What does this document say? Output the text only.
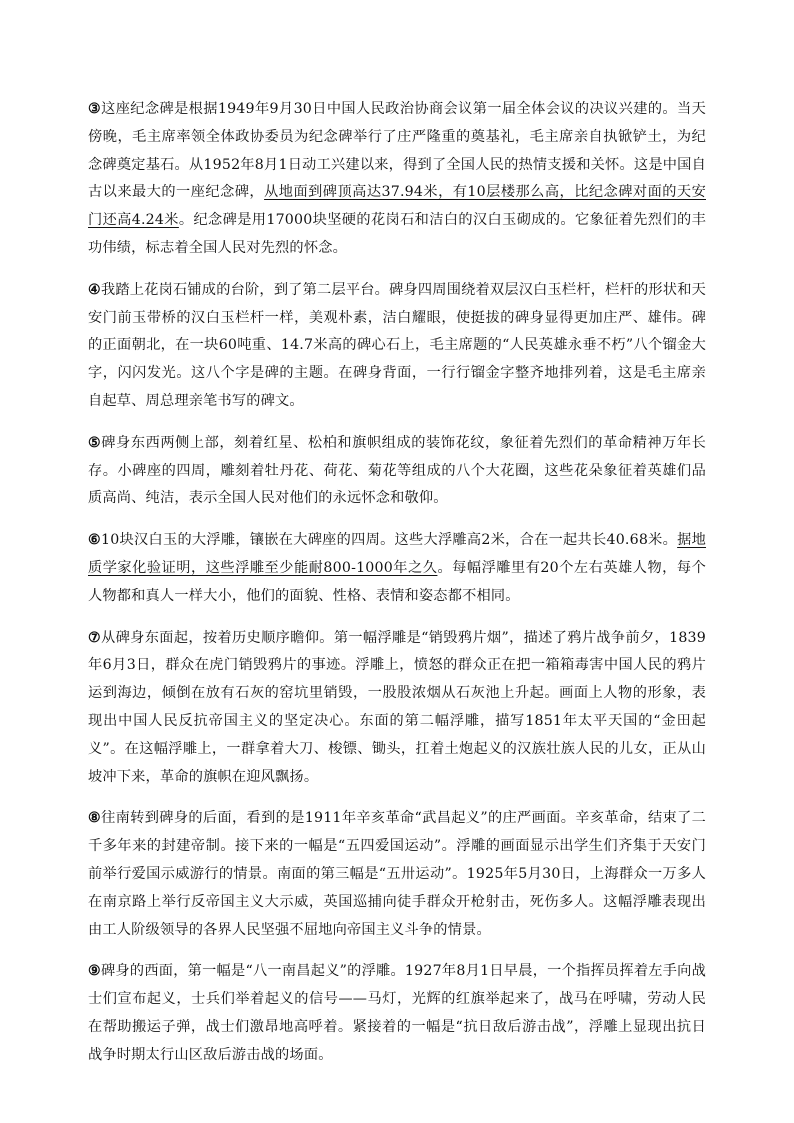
③这座纪念碑是根据1949年9月30日中国人民政治协商会议第一届全体会议的决议兴建的。当天傍晚，毛主席率领全体政协委员为纪念碑举行了庄严隆重的奠基礼，毛主席亲自执锨铲土，为纪念碑奠定基石。从1952年8月1日动工兴建以来，得到了全国人民的热情支援和关怀。这是中国自古以来最大的一座纪念碑，从地面到碑顶高达37.94米，有10层楼那么高，比纪念碑对面的天安门还高4.24米。纪念碑是用17000块坚硬的花岗石和洁白的汉白玉砌成的。它象征着先烈们的丰功伟绩，标志着全国人民对先烈的怀念。

④我踏上花岗石铺成的台阶，到了第二层平台。碑身四周围绕着双层汉白玉栏杆，栏杆的形状和天安门前玉带桥的汉白玉栏杆一样，美观朴素，洁白耀眼，使挺拔的碑身显得更加庄严、雄伟。碑的正面朝北，在一块60吨重、14.7米高的碑心石上，毛主席题的“人民英雄永垂不朽”八个镏金大字，闪闪发光。这八个字是碑的主题。在碑身背面，一行行镏金字整齐地排列着，这是毛主席亲自起草、周总理亲笔书写的碑文。

⑤碑身东西两侧上部，刻着红星、松柏和旗帜组成的装饰花纹，象征着先烈们的革命精神万年长存。小碑座的四周，雕刻着牡丹花、荷花、菊花等组成的八个大花圈，这些花朵象征着英雄们品质高尚、纯洁，表示全国人民对他们的永远怀念和敬仰。

⑥10块汉白玉的大浮雕，镶嵌在大碑座的四周。这些大浮雕高2米，合在一起共长40.68米。据地质学家化验证明，这些浮雕至少能耐800-1000年之久。每幅浮雕里有20个左右英雄人物，每个人物都和真人一样大小，他们的面貌、性格、表情和姿态都不相同。

⑦从碑身东面起，按着历史顺序瞻仰。第一幅浮雕是“销毁鸦片烟”，描述了鸦片战争前夕，1839年6月3日，群众在虎门销毁鸦片的事迹。浮雕上，愤怒的群众正在把一箱箱毒害中国人民的鸦片运到海边，倾倒在放有石灰的窑坑里销毁，一股股浓烟从石灰池上升起。画面上人物的形象，表现出中国人民反抗帝国主义的坚定决心。东面的第二幅浮雕，描写1851年太平天国的“金田起义”。在这幅浮雕上，一群拿着大刀、梭镖、锄头，扛着土炮起义的汉族壮族人民的儿女，正从山坡冲下来，革命的旗帜在迎风飘扬。

⑧往南转到碑身的后面，看到的是1911年辛亥革命“武昌起义”的庄严画面。辛亥革命，结束了二千多年来的封建帝制。接下来的一幅是“五四爱国运动”。浮雕的画面显示出学生们齐集于天安门前举行爱国示威游行的情景。南面的第三幅是“五卅运动”。1925年5月30日，上海群众一万多人在南京路上举行反帝国主义大示威，英国巡捕向徒手群众开枪射击，死伤多人。这幅浮雕表现出由工人阶级领导的各界人民坚强不屈地向帝国主义斗争的情景。

⑨碑身的西面，第一幅是“八一南昌起义”的浮雕。1927年8月1日早晨，一个指挥员挥着左手向战士们宣布起义，士兵们举着起义的信号——马灯，光辉的红旗举起来了，战马在呼啸，劳动人民在帮助搬运子弹，战士们激昂地高呼着。紧接着的一幅是“抗日敌后游击战”，浮雕上显现出抗日战争时期太行山区敌后游击战的场面。
